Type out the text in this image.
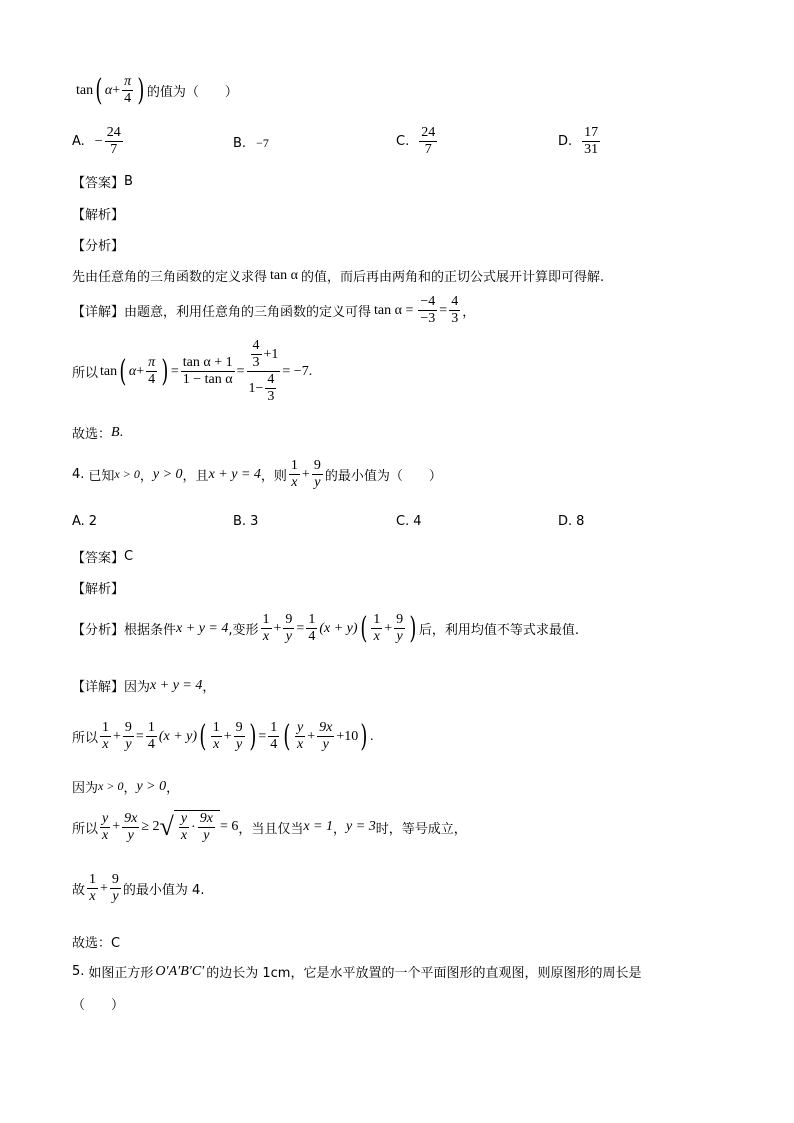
tan ( $\alpha + \frac{\pi}{4}$ ) 的值为（　　）
A. − $\frac{24}{7}$	B. −7	C. $\frac{24}{7}$	D. $\frac{17}{31}$
【答案】 B
【解析】
【分析】
先由任意角的三角函数的定义求得 tan α 的值，而后再由两角和的正切公式展开计算即可得解.
【详解】 由题意，利用任意角的三角函数的定义可得 $\tan \alpha = \frac{-4}{-3} = \frac{4}{3}$ ，
所以 tan ( $\alpha + \frac{\pi}{4}$ ) = $\frac{\text{tan α + 1}}{\text{1 − tan α}} = \frac{\frac{4}{3} +1}{1- \frac{4}{3}} = -7$ .
故选： B .
4. 已知 x > 0 ， y > 0 ，且 x + y = 4 ，则 $\frac{1}{x} + \frac{9}{y}$ 的最小值为（　　）
A. 2	B. 3	C. 4	D. 8
【答案】 C
【解析】
【分析】 根据条件 x + y = 4 ,变形 $\frac{1}{x} + \frac{9}{y} = \frac{1}{4} (x + y)$ ( $\frac{1}{x} + \frac{9}{y}$ ) 后，利用均值不等式求最值.
【详解】 因为 x + y = 4 ，
所以 $\frac{1}{x} + \frac{9}{y} = \frac{1}{4} (x + y)$ ( $\frac{1}{x} + \frac{9}{y}$ ) = $\frac{1}{4}$ ( $\frac{y}{x} + \frac{9x}{y} +10$ ) .
因为 x > 0 ， y > 0 ，
所以 $\frac{y}{x} + \frac{9x}{y} \ge 2$ √ $\frac{y}{x} \cdot \frac{9x}{y} = 6$ ，当且仅当 x = 1 ， y = 3 时，等号成立，
故 $\frac{1}{x} + \frac{9}{y}$ 的最小值为 4.
故选：C
5. 如图正方形 O′A′B′C′ 的边长为 1cm，它是水平放置的一个平面图形的直观图，则原图形的周长是
（　　）
